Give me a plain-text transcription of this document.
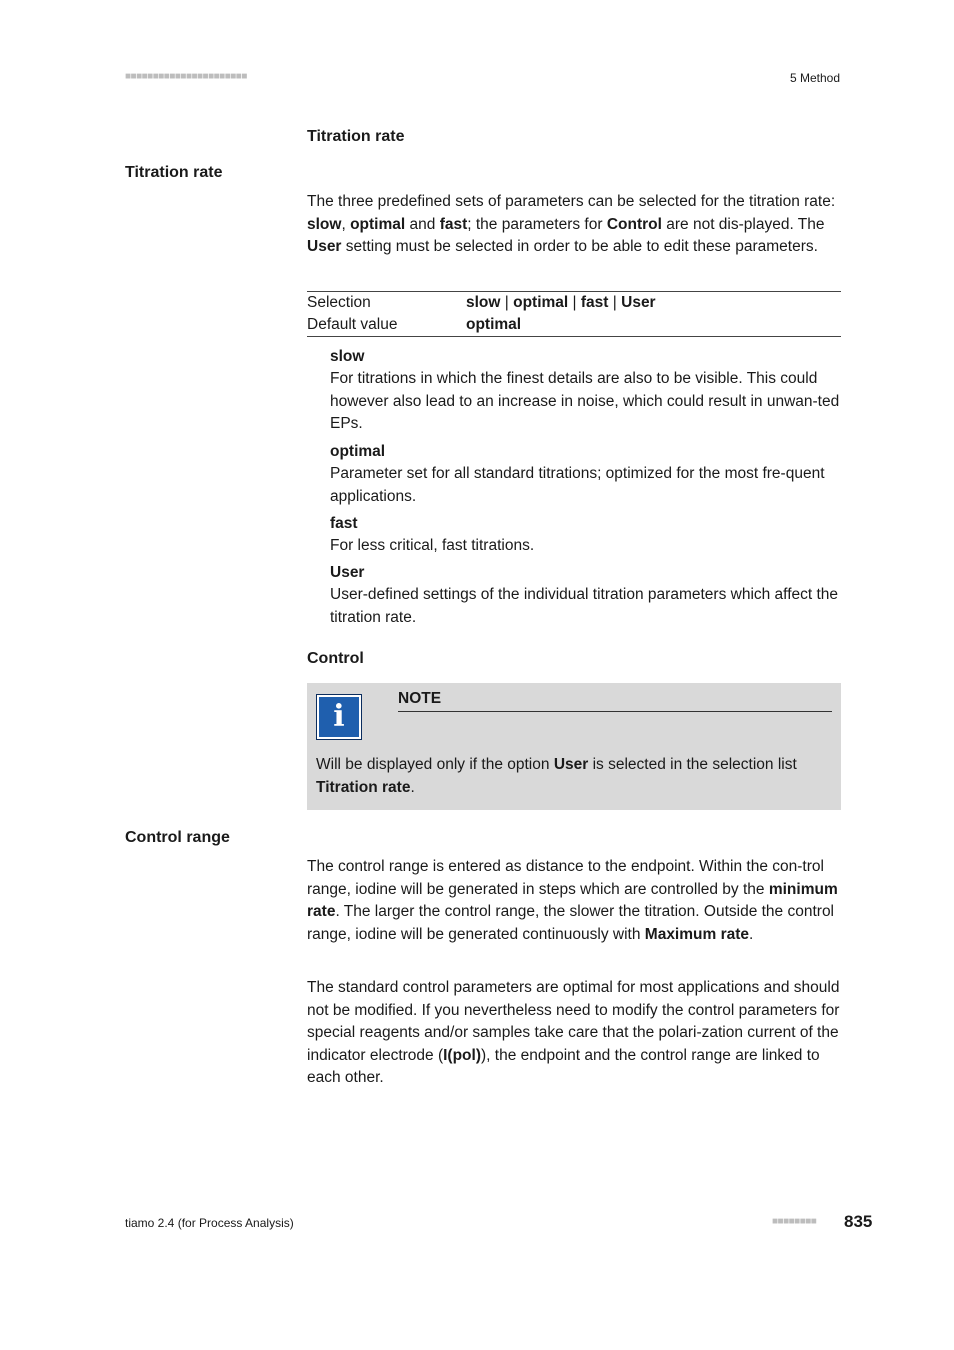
■■■■■■■■■■■■■■■■■■■■■■	5 Method
Titration rate
Titration rate
The three predefined sets of parameters can be selected for the titration rate: slow, optimal and fast; the parameters for Control are not dis-played. The User setting must be selected in order to be able to edit these parameters.
Selection	slow | optimal | fast | User
Default value	optimal
slow
For titrations in which the finest details are also to be visible. This could however also lead to an increase in noise, which could result in unwan-ted EPs.
optimal
Parameter set for all standard titrations; optimized for the most fre-quent applications.
fast
For less critical, fast titrations.
User
User-defined settings of the individual titration parameters which affect the titration rate.
Control
i
NOTE
Will be displayed only if the option User is selected in the selection list Titration rate.
Control range
The control range is entered as distance to the endpoint. Within the con-trol range, iodine will be generated in steps which are controlled by the minimum rate. The larger the control range, the slower the titration. Outside the control range, iodine will be generated continuously with Maximum rate.
The standard control parameters are optimal for most applications and should not be modified. If you nevertheless need to modify the control parameters for special reagents and/or samples take care that the polari-zation current of the indicator electrode (I(pol)), the endpoint and the control range are linked to each other.
tiamo 2.4 (for Process Analysis)	■■■■■■■■ 835
